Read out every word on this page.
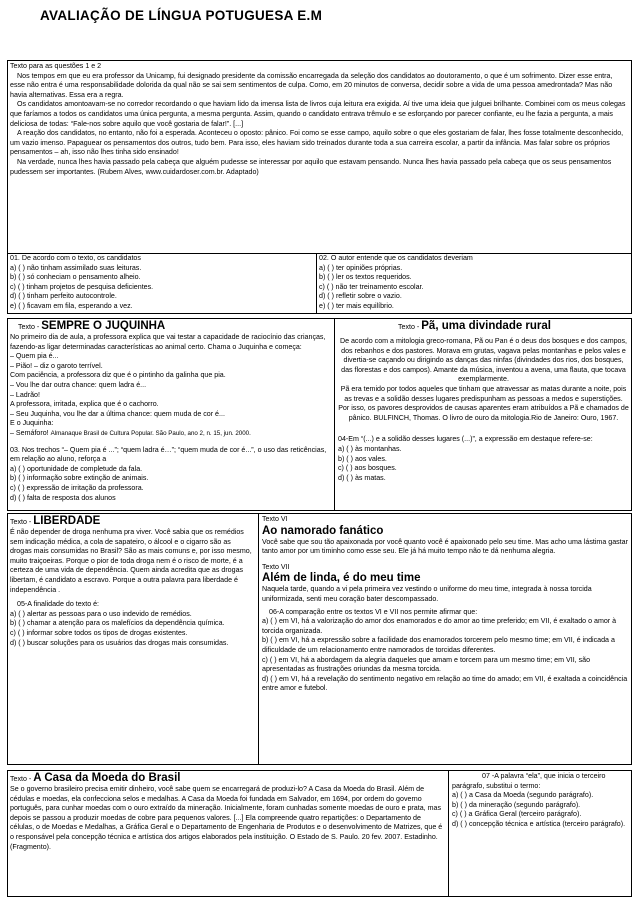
AVALIAÇÃO DE LÍNGUA POTUGUESA E.M

Texto para as questões 1 e 2

Nos tempos em que eu era professor da Unicamp, fui designado presidente da comissão encarregada da seleção dos candidatos ao doutoramento, o que é um sofrimento. Dizer esse entra, esse não entra é uma responsabilidade dolorida da qual não se sai sem sentimentos de culpa. Como, em 20 minutos de conversa, decidir sobre a vida de uma pessoa amedrontada? Mas não havia alternativas. Essa era a regra.

Os candidatos amontoavam-se no corredor recordando o que haviam lido da imensa lista de livros cuja leitura era exigida. Aí tive uma ideia que julguei brilhante. Combinei com os meus colegas que faríamos a todos os candidatos uma única pergunta, a mesma pergunta. Assim, quando o candidato entrava trêmulo e se esforçando por parecer confiante, eu lhe fazia a pergunta, a mais deliciosa de todas: “Fale-nos sobre aquilo que você gostaria de falar!”. [...]

A reação dos candidatos, no entanto, não foi a esperada. Aconteceu o oposto: pânico. Foi como se esse campo, aquilo sobre o que eles gostariam de falar, lhes fosse totalmente desconhecido, um vazio imenso. Papaguear os pensamentos dos outros, tudo bem. Para isso, eles haviam sido treinados durante toda a sua carreira escolar, a partir da infância. Mas falar sobre os próprios pensamentos – ah, isso não lhes tinha sido ensinado!

Na verdade, nunca lhes havia passado pela cabeça que alguém pudesse se interessar por aquilo que estavam pensando. Nunca lhes havia passado pela cabeça que os seus pensamentos pudessem ser importantes. (Rubem Alves, www.cuidardoser.com.br. Adaptado)

01. De acordo com o texto, os candidatos

a) ( ) não tinham assimilado suas leituras.

b) ( ) só conheciam o pensamento alheio.

c) ( ) tinham projetos de pesquisa deficientes.

d) ( ) tinham perfeito autocontrole.

e) ( ) ficavam em fila, esperando a vez.

02. O autor entende que os candidatos deveriam

a) ( ) ter opiniões próprias.

b) ( ) ler os textos requeridos.

c) ( ) não ter treinamento escolar.

d) ( ) refletir sobre o vazio.

e) ( ) ter mais equilíbrio.

Texto - SEMPRE O JUQUINHA

No primeiro dia de aula, a professora explica que vai testar a capacidade de raciocínio das crianças, fazendo-as ligar determinadas características ao animal certo. Chama o Juquinha e começa:

– Quem pia é...

– Pião! – diz o garoto terrível.

Com paciência, a professora diz que é o pintinho da galinha que pia.

– Vou lhe dar outra chance: quem ladra é...

– Ladrão!

A professora, irritada, explica que é o cachorro.

– Seu Juquinha, vou lhe dar a última chance: quem muda de cor é...

E o Juquinha:

– Semáforo! Almanaque Brasil de Cultura Popular. São Paulo, ano 2, n. 15, jun. 2000.

03. Nos trechos “– Quem pia é ...”; “quem ladra é…”; “quem muda de cor é...”, o uso das reticências, em relação ao aluno, reforça a

a) ( ) oportunidade de completude da fala.

b) ( ) informação sobre extinção de animais.

c) ( ) expressão de irritação da professora.

d) ( ) falta de resposta dos alunos

Texto - Pã, uma divindade rural

De acordo com a mitologia greco-romana, Pã ou Pan é o deus dos bosques e dos campos, dos rebanhos e dos pastores. Morava em grutas, vagava pelas montanhas e pelos vales e divertia-se caçando ou dirigindo as danças das ninfas (divindades dos rios, dos bosques, das florestas e dos campos). Amante da música, inventou a avena, uma flauta, que tocava exemplarmente.

Pã era temido por todos aqueles que tinham que atravessar as matas durante a noite, pois as trevas e a solidão desses lugares predispunham as pessoas a medos e superstições. Por isso, os pavores desprovidos de causas aparentes eram atribuídos a Pã e chamados de pânico. BULFINCH, Thomas. O livro de ouro da mitologia.Rio de Janeiro: Ouro, 1967.

04-Em “(...) e a solidão desses lugares (...)”, a expressão em destaque refere-se:

a) ( ) às montanhas.

b) ( ) aos vales.

c) ( ) aos bosques.

d) ( ) às matas.

Texto - LIBERDADE

É não depender de droga nenhuma pra viver. Você sabia que os remédios sem indicação médica, a cola de sapateiro, o álcool e o cigarro são as drogas mais consumidas no Brasil? São as mais comuns e, por isso mesmo, muito traiçoeiras. Porque o pior de toda droga nem é o risco de morte, é a certeza de uma vida de dependência. Quem ainda acredita que as drogas libertam, é candidato a escravo. Porque a outra palavra para liberdade é independência .

05-A finalidade do texto é:

a) ( ) alertar as pessoas para o uso indevido de remédios.

b) ( ) chamar a atenção para os malefícios da dependência química.

c) ( ) informar sobre todos os tipos de drogas existentes.

d) ( ) buscar soluções para os usuários das drogas mais consumidas.

Texto VI

Ao namorado fanático

Você sabe que sou tão apaixonada por você quanto você é apaixonado pelo seu time. Mas acho uma lástima gastar tanto amor por um timinho como esse seu. Ele já há muito tempo não te dá nenhuma alegria.

Texto VII

Além de linda, é do meu time

Naquela tarde, quando a vi pela primeira vez vestindo o uniforme do meu time, integrada à nossa torcida uniformizada, senti meu coração bater descompassado.

06-A comparação entre os textos VI e VII nos permite afirmar que:

a) ( ) em VI, há a valorização do amor dos enamorados e do amor ao time preferido; em VII, é exaltado o amor à torcida organizada.

b) ( ) em VI, há a expressão sobre a facilidade dos enamorados torcerem pelo mesmo time; em VII, é indicada a dificuldade de um relacionamento entre namorados de torcidas diferentes.

c) ( ) em VI, há a abordagem da alegria daqueles que amam e torcem para um mesmo time; em VII, são apresentadas as frustrações oriundas da mesma torcida.

d) ( ) em VI, há a revelação do sentimento negativo em relação ao time do amado; em VII, é exaltada a coincidência entre amor e futebol.

Texto - A Casa da Moeda do Brasil

Se o governo brasileiro precisa emitir dinheiro, você sabe quem se encarregará de produzi-lo? A Casa da Moeda do Brasil. Além de cédulas e moedas, ela confecciona selos e medalhas. A Casa da Moeda foi fundada em Salvador, em 1694, por ordem do governo português, para cunhar moedas com o ouro extraído da mineração. Inicialmente, foram cunhadas somente moedas de ouro e prata, mas depois se passou a produzir moedas de cobre para pequenos valores. [...] Ela compreende quatro repartições: o Departamento de células, o de Moedas e Medalhas, a Gráfica Geral e o Departamento de Engenharia de Produtos e o desenvolvimento de Matrizes, que é o responsável pela concepção técnica e artística dos artigos elaborados pela instituição. O Estado de S. Paulo. 20 fev. 2007. Estadinho. (Fragmento).

07 -A palavra “ela”, que inicia o terceiro parágrafo, substitui o termo:

a) ( ) a Casa da Moeda (segundo parágrafo).

b) ( ) da mineração (segundo parágrafo).

c) ( ) a Gráfica Geral (terceiro parágrafo).

d) ( ) concepção técnica e artística (terceiro parágrafo).
